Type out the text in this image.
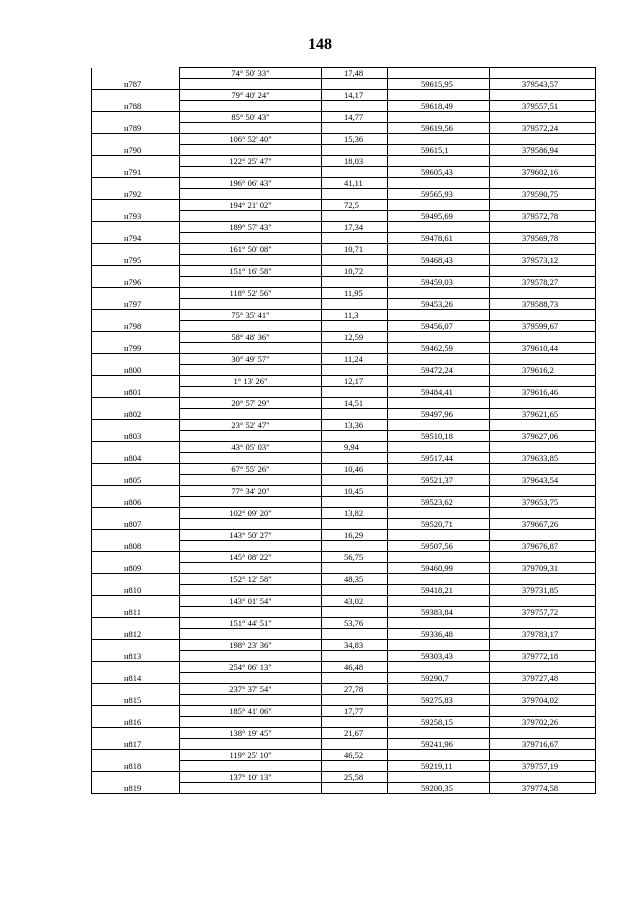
148
	74° 50' 33"	17,48		
н787			59615,95	379543,57
	79° 40' 24"	14,17		
н788			59618,49	379557,51
	85° 50' 43"	14,77		
н789			59619,56	379572,24
	106° 52' 40"	15,36		
н790			59615,1	379586,94
	122° 25' 47"	18,03		
н791			59605,43	379602,16
	196° 06' 43"	41,11		
н792			59565,93	379590,75
	194° 21' 02"	72,5		
н793			59495,69	379572,78
	189° 57' 43"	17,34		
н794			59478,61	379569,78
	161° 50' 08"	10,71		
н795			59468,43	379573,12
	151° 16' 58"	10,72		
н796			59459,03	379578,27
	118° 52' 56"	11,95		
н797			59453,26	379588,73
	75° 35' 41"	11,3		
н798			59456,07	379599,67
	58° 48' 36"	12,59		
н799			59462,59	379610,44
	30° 49' 57"	11,24		
н800			59472,24	379616,2
	1° 13' 26"	12,17		
н801			59484,41	379616,46
	20° 57' 29"	14,51		
н802			59497,96	379621,65
	23° 52' 47"	13,36		
н803			59510,18	379627,06
	43° 05' 03"	9,94		
н804			59517,44	379633,85
	67° 55' 26"	10,46		
н805			59521,37	379643,54
	77° 34' 20"	10,45		
н806			59523,62	379653,75
	102° 09' 20"	13,82		
н807			59520,71	379667,26
	143° 50' 27"	16,29		
н808			59507,56	379676,87
	145° 08' 22"	56,75		
н809			59460,99	379709,31
	152° 12' 58"	48,35		
н810			59418,21	379731,85
	143° 01' 54"	43,02		
н811			59383,84	379757,72
	151° 44' 51"	53,76		
н812			59336,48	379783,17
	198° 23' 36"	34,83		
н813			59303,43	379772,18
	254° 06' 13"	46,48		
н814			59290,7	379727,48
	237° 37' 54"	27,78		
н815			59275,83	379704,02
	185° 41' 06"	17,77		
н816			59258,15	379702,26
	138° 19' 45"	21,67		
н817			59241,96	379716,67
	119° 25' 10"	46,52		
н818			59219,11	379757,19
	137° 10' 13"	25,58		
н819			59200,35	379774,58
